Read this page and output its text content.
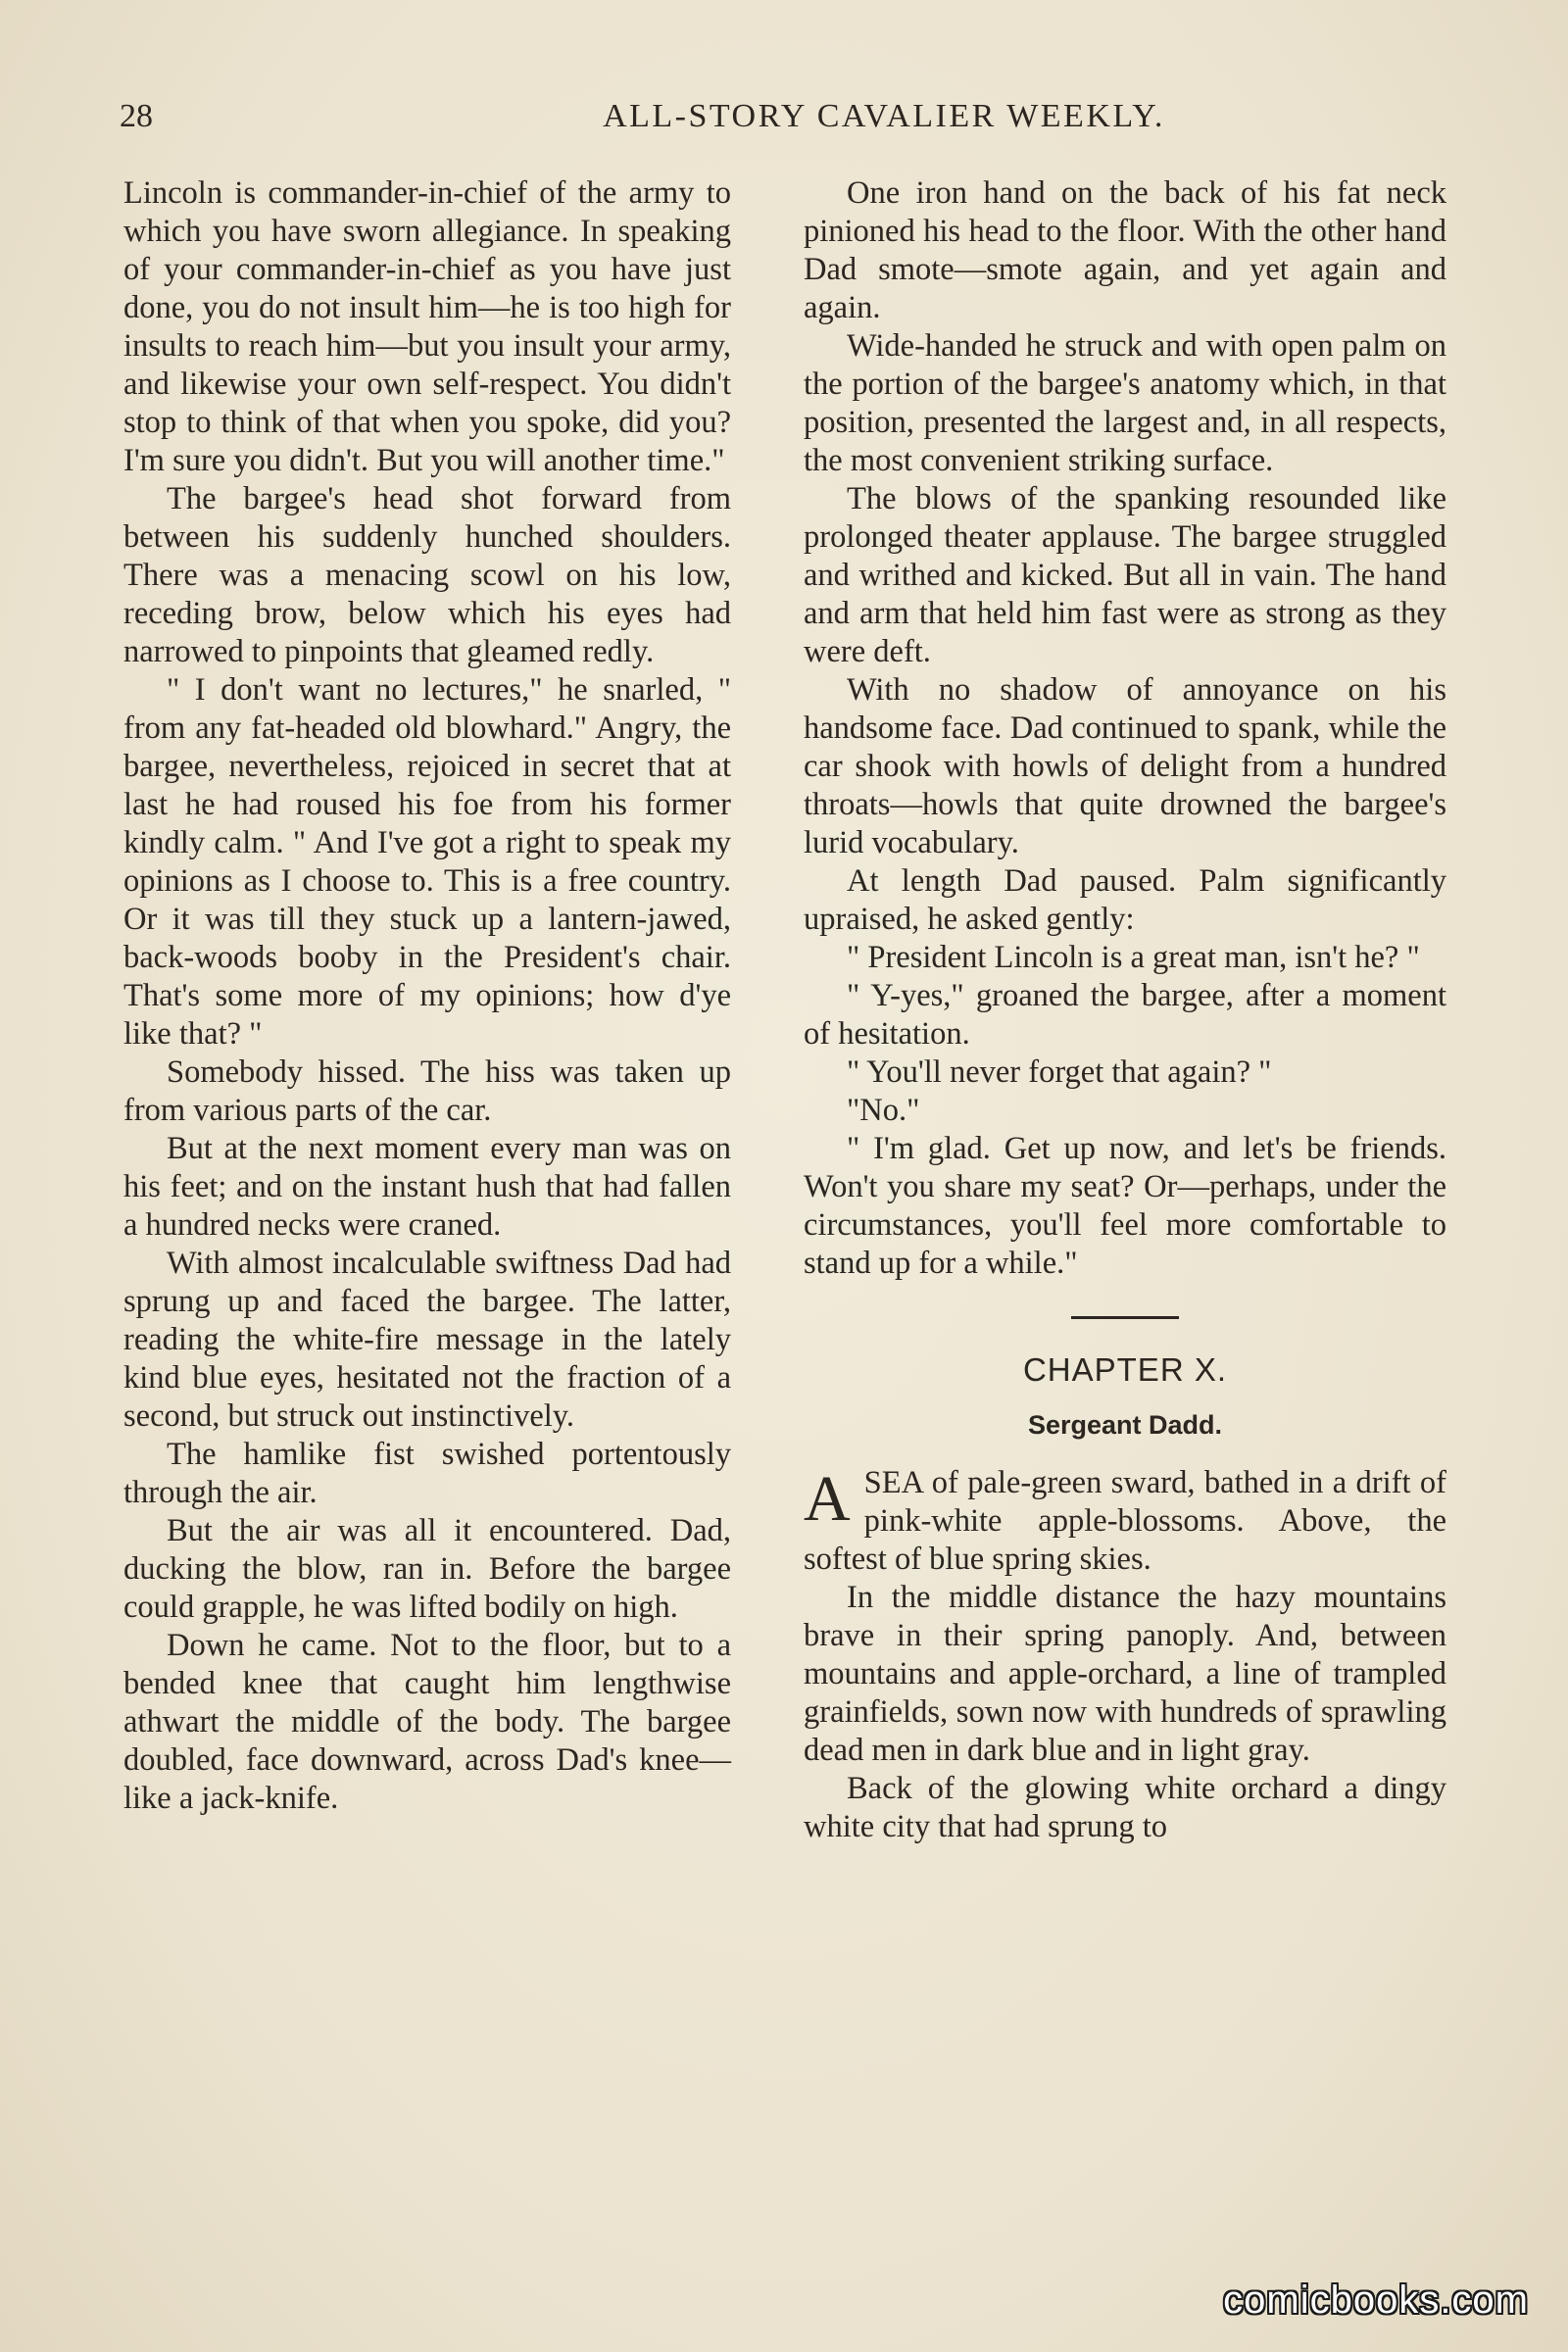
28	ALL-STORY CAVALIER WEEKLY.

Lincoln is commander-in-chief of the army to which you have sworn allegiance. In speaking of your commander-in-chief as you have just done, you do not insult him—he is too high for insults to reach him—but you insult your army, and likewise your own self-respect. You didn't stop to think of that when you spoke, did you? I'm sure you didn't. But you will another time."

The bargee's head shot forward from between his suddenly hunched shoulders. There was a menacing scowl on his low, receding brow, below which his eyes had narrowed to pinpoints that gleamed redly.

" I don't want no lectures," he snarled, " from any fat-headed old blowhard." Angry, the bargee, nevertheless, rejoiced in secret that at last he had roused his foe from his former kindly calm. " And I've got a right to speak my opinions as I choose to. This is a free country. Or it was till they stuck up a lantern-jawed, back-woods booby in the President's chair. That's some more of my opinions; how d'ye like that? "

Somebody hissed. The hiss was taken up from various parts of the car.

But at the next moment every man was on his feet; and on the instant hush that had fallen a hundred necks were craned.

With almost incalculable swiftness Dad had sprung up and faced the bargee. The latter, reading the white-fire message in the lately kind blue eyes, hesitated not the fraction of a second, but struck out instinctively.

The hamlike fist swished portentously through the air.

But the air was all it encountered. Dad, ducking the blow, ran in. Before the bargee could grapple, he was lifted bodily on high.

Down he came. Not to the floor, but to a bended knee that caught him lengthwise athwart the middle of the body. The bargee doubled, face downward, across Dad's knee—like a jack-knife.

One iron hand on the back of his fat neck pinioned his head to the floor. With the other hand Dad smote—smote again, and yet again and again.

Wide-handed he struck and with open palm on the portion of the bargee's anatomy which, in that position, presented the largest and, in all respects, the most convenient striking surface.

The blows of the spanking resounded like prolonged theater applause. The bargee struggled and writhed and kicked. But all in vain. The hand and arm that held him fast were as strong as they were deft.

With no shadow of annoyance on his handsome face. Dad continued to spank, while the car shook with howls of delight from a hundred throats—howls that quite drowned the bargee's lurid vocabulary.

At length Dad paused. Palm significantly upraised, he asked gently:

" President Lincoln is a great man, isn't he? "

" Y-yes," groaned the bargee, after a moment of hesitation.

" You'll never forget that again? "

"No."

" I'm glad. Get up now, and let's be friends. Won't you share my seat? Or—perhaps, under the circumstances, you'll feel more comfortable to stand up for a while."

CHAPTER X.
Sergeant Dadd.

ASEA of pale-green sward, bathed in a drift of pink-white apple-blossoms. Above, the softest of blue spring skies.

In the middle distance the hazy mountains brave in their spring panoply. And, between mountains and apple-orchard, a line of trampled grainfields, sown now with hundreds of sprawling dead men in dark blue and in light gray.

Back of the glowing white orchard a dingy white city that had sprung to

comicbooks.com
